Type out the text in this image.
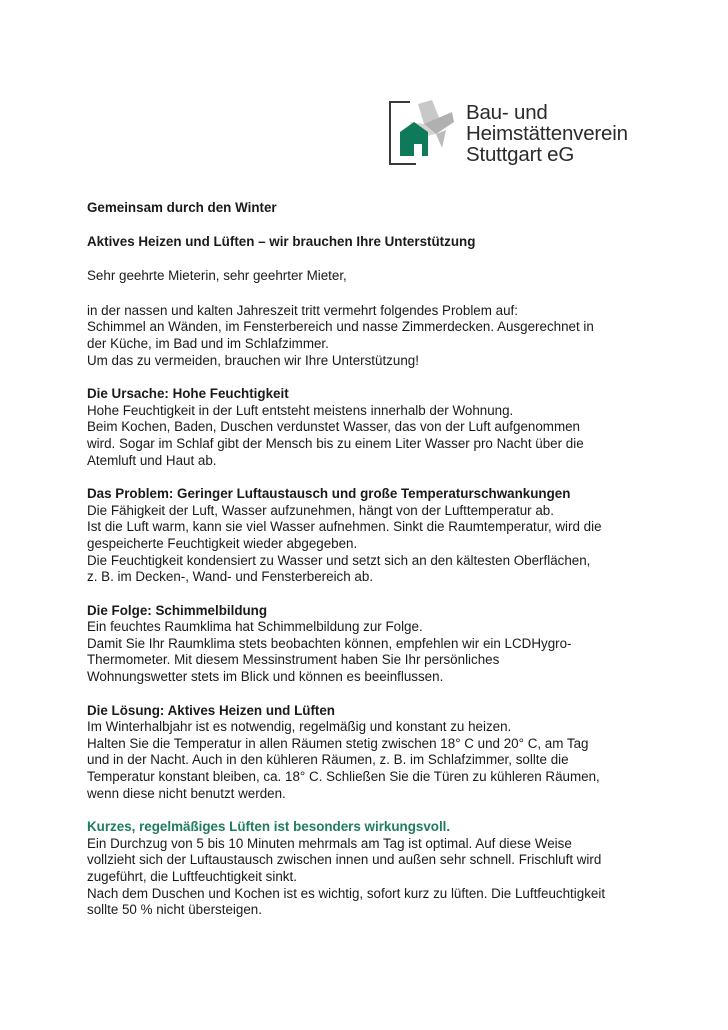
Bau- und
Heimstättenverein
Stuttgart eG

Gemeinsam durch den Winter

Aktives Heizen und Lüften – wir brauchen Ihre Unterstützung

Sehr geehrte Mieterin, sehr geehrter Mieter,

in der nassen und kalten Jahreszeit tritt vermehrt folgendes Problem auf:

Schimmel an Wänden, im Fensterbereich und nasse Zimmerdecken. Ausgerechnet in

der Küche, im Bad und im Schlafzimmer.

Um das zu vermeiden, brauchen wir Ihre Unterstützung!

Die Ursache: Hohe Feuchtigkeit

Hohe Feuchtigkeit in der Luft entsteht meistens innerhalb der Wohnung.

Beim Kochen, Baden, Duschen verdunstet Wasser, das von der Luft aufgenommen

wird. Sogar im Schlaf gibt der Mensch bis zu einem Liter Wasser pro Nacht über die

Atemluft und Haut ab.

Das Problem: Geringer Luftaustausch und große Temperaturschwankungen

Die Fähigkeit der Luft, Wasser aufzunehmen, hängt von der Lufttemperatur ab.

Ist die Luft warm, kann sie viel Wasser aufnehmen. Sinkt die Raumtemperatur, wird die

gespeicherte Feuchtigkeit wieder abgegeben.

Die Feuchtigkeit kondensiert zu Wasser und setzt sich an den kältesten Oberflächen,

z. B. im Decken-, Wand- und Fensterbereich ab.

Die Folge: Schimmelbildung

Ein feuchtes Raumklima hat Schimmelbildung zur Folge.

Damit Sie Ihr Raumklima stets beobachten können, empfehlen wir ein LCDHygro-

Thermometer. Mit diesem Messinstrument haben Sie Ihr persönliches

Wohnungswetter stets im Blick und können es beeinflussen.

Die Lösung: Aktives Heizen und Lüften

Im Winterhalbjahr ist es notwendig, regelmäßig und konstant zu heizen.

Halten Sie die Temperatur in allen Räumen stetig zwischen 18° C und 20° C, am Tag

und in der Nacht. Auch in den kühleren Räumen, z. B. im Schlafzimmer, sollte die

Temperatur konstant bleiben, ca. 18° C. Schließen Sie die Türen zu kühleren Räumen,

wenn diese nicht benutzt werden.

Kurzes, regelmäßiges Lüften ist besonders wirkungsvoll.

Ein Durchzug von 5 bis 10 Minuten mehrmals am Tag ist optimal. Auf diese Weise

vollzieht sich der Luftaustausch zwischen innen und außen sehr schnell. Frischluft wird

zugeführt, die Luftfeuchtigkeit sinkt.

Nach dem Duschen und Kochen ist es wichtig, sofort kurz zu lüften. Die Luftfeuchtigkeit

sollte 50 % nicht übersteigen.
